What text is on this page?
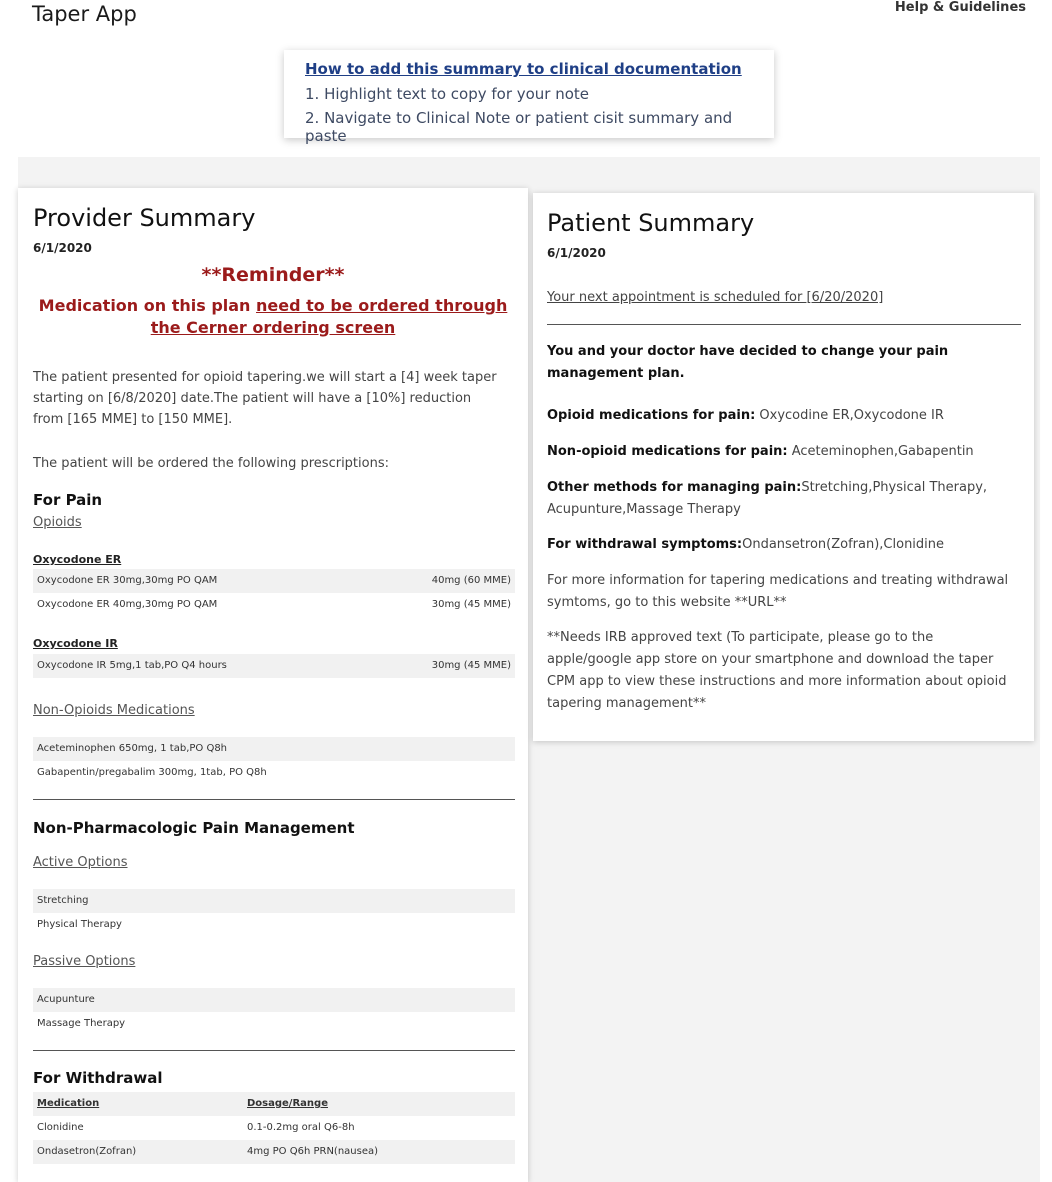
Taper App	Help & Guidelines
How to add this summary to clinical documentation
1. Highlight text to copy for your note
2. Navigate to Clinical Note or patient cisit summary and paste
Provider Summary
6/1/2020
**Reminder**
Medication on this plan need to be ordered through
the Cerner ordering screen
The patient presented for opioid tapering.we will start a [4] week taper starting on [6/8/2020] date.The patient will have a [10%] reduction from [165 MME] to [150 MME].
The patient will be ordered the following prescriptions:
For Pain
Opioids
Oxycodone ER
Oxycodone ER 30mg,30mg PO QAM	40mg (60 MME)
Oxycodone ER 40mg,30mg PO QAM	30mg (45 MME)
Oxycodone IR
Oxycodone IR 5mg,1 tab,PO Q4 hours	30mg (45 MME)
Non-Opioids Medications
Aceteminophen 650mg, 1 tab,PO Q8h
Gabapentin/pregabalim 300mg, 1tab, PO Q8h
Non-Pharmacologic Pain Management
Active Options
Stretching
Physical Therapy
Passive Options
Acupunture
Massage Therapy
For Withdrawal
Medication	Dosage/Range
Clonidine	0.1-0.2mg oral Q6-8h
Ondasetron(Zofran)	4mg PO Q6h PRN(nausea)
Patient Summary
6/1/2020
Your next appointment is scheduled for [6/20/2020]
You and your doctor have decided to change your pain management plan.
Opioid medications for pain: Oxycodine ER,Oxycodone IR
Non-opioid medications for pain: Aceteminophen,Gabapentin
Other methods for managing pain:Stretching,Physical Therapy, Acupunture,Massage Therapy
For withdrawal symptoms:Ondansetron(Zofran),Clonidine
For more information for tapering medications and treating withdrawal symtoms, go to this website **URL**
**Needs IRB approved text (To participate, please go to the apple/google app store on your smartphone and download the taper CPM app to view these instructions and more information about opioid tapering management**
